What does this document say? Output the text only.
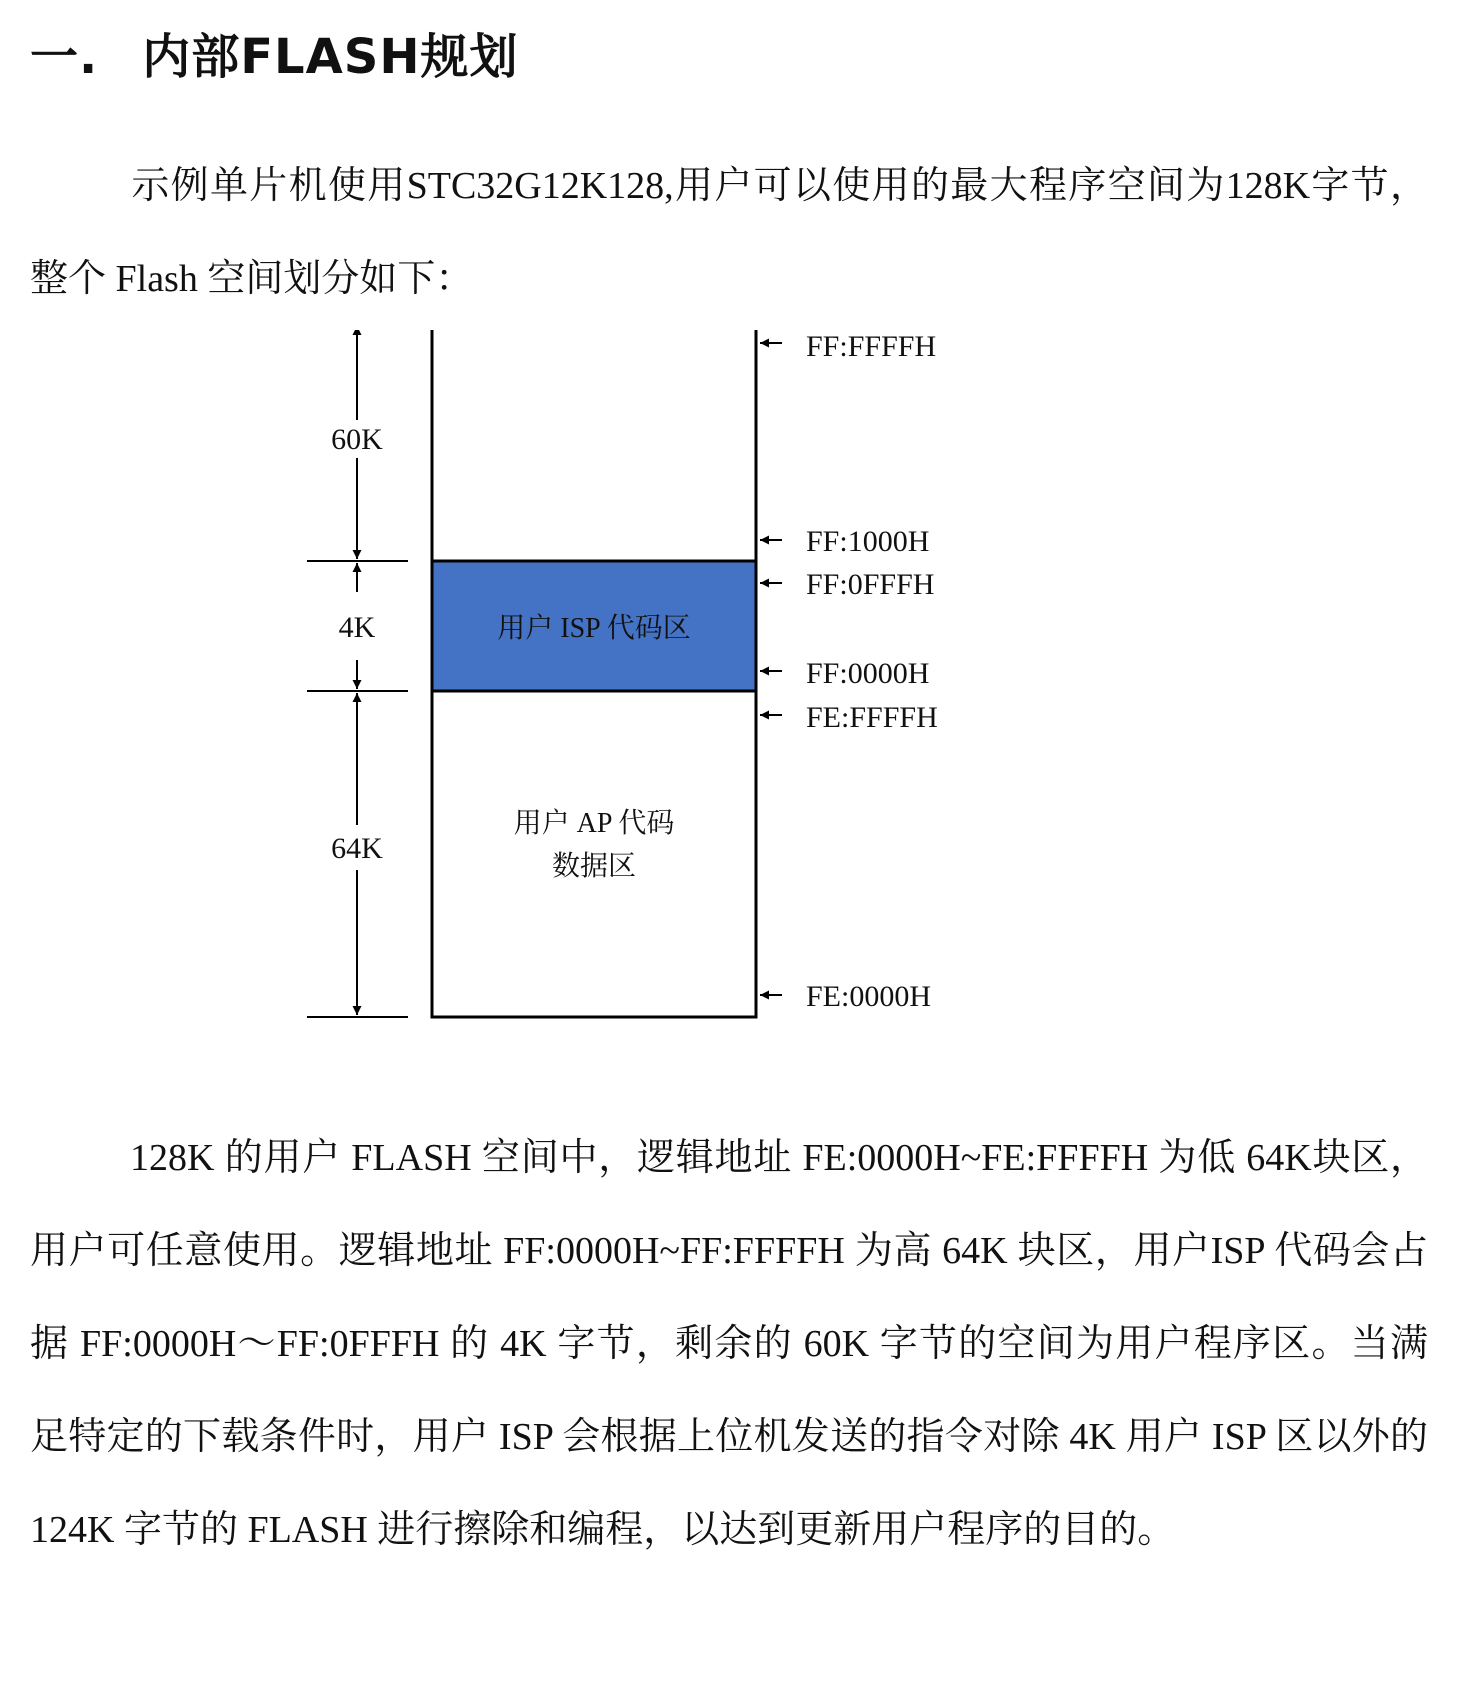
一. 内部FLASH规划
示例单片机使用STC32G12K128,用户可以使用的最大程序空间为128K字节，整个 Flash 空间划分如下：
60K
4K
64K
用户 ISP 代码区
用户 AP 代码
数据区
FF:FFFFH
FF:1000H
FF:0FFFH
FF:0000H
FE:FFFFH
FE:0000H
128K 的用户 FLASH 空间中，逻辑地址 FE:0000H~FE:FFFFH 为低 64K块区，用户可任意使用。逻辑地址 FF:0000H~FF:FFFFH 为高 64K 块区，用户ISP 代码会占据 FF:0000H～FF:0FFFH 的 4K 字节，剩余的 60K 字节的空间为用户程序区。当满足特定的下载条件时，用户 ISP 会根据上位机发送的指令对除 4K 用户 ISP 区以外的 124K 字节的 FLASH 进行擦除和编程，以达到更新用户程序的目的。
